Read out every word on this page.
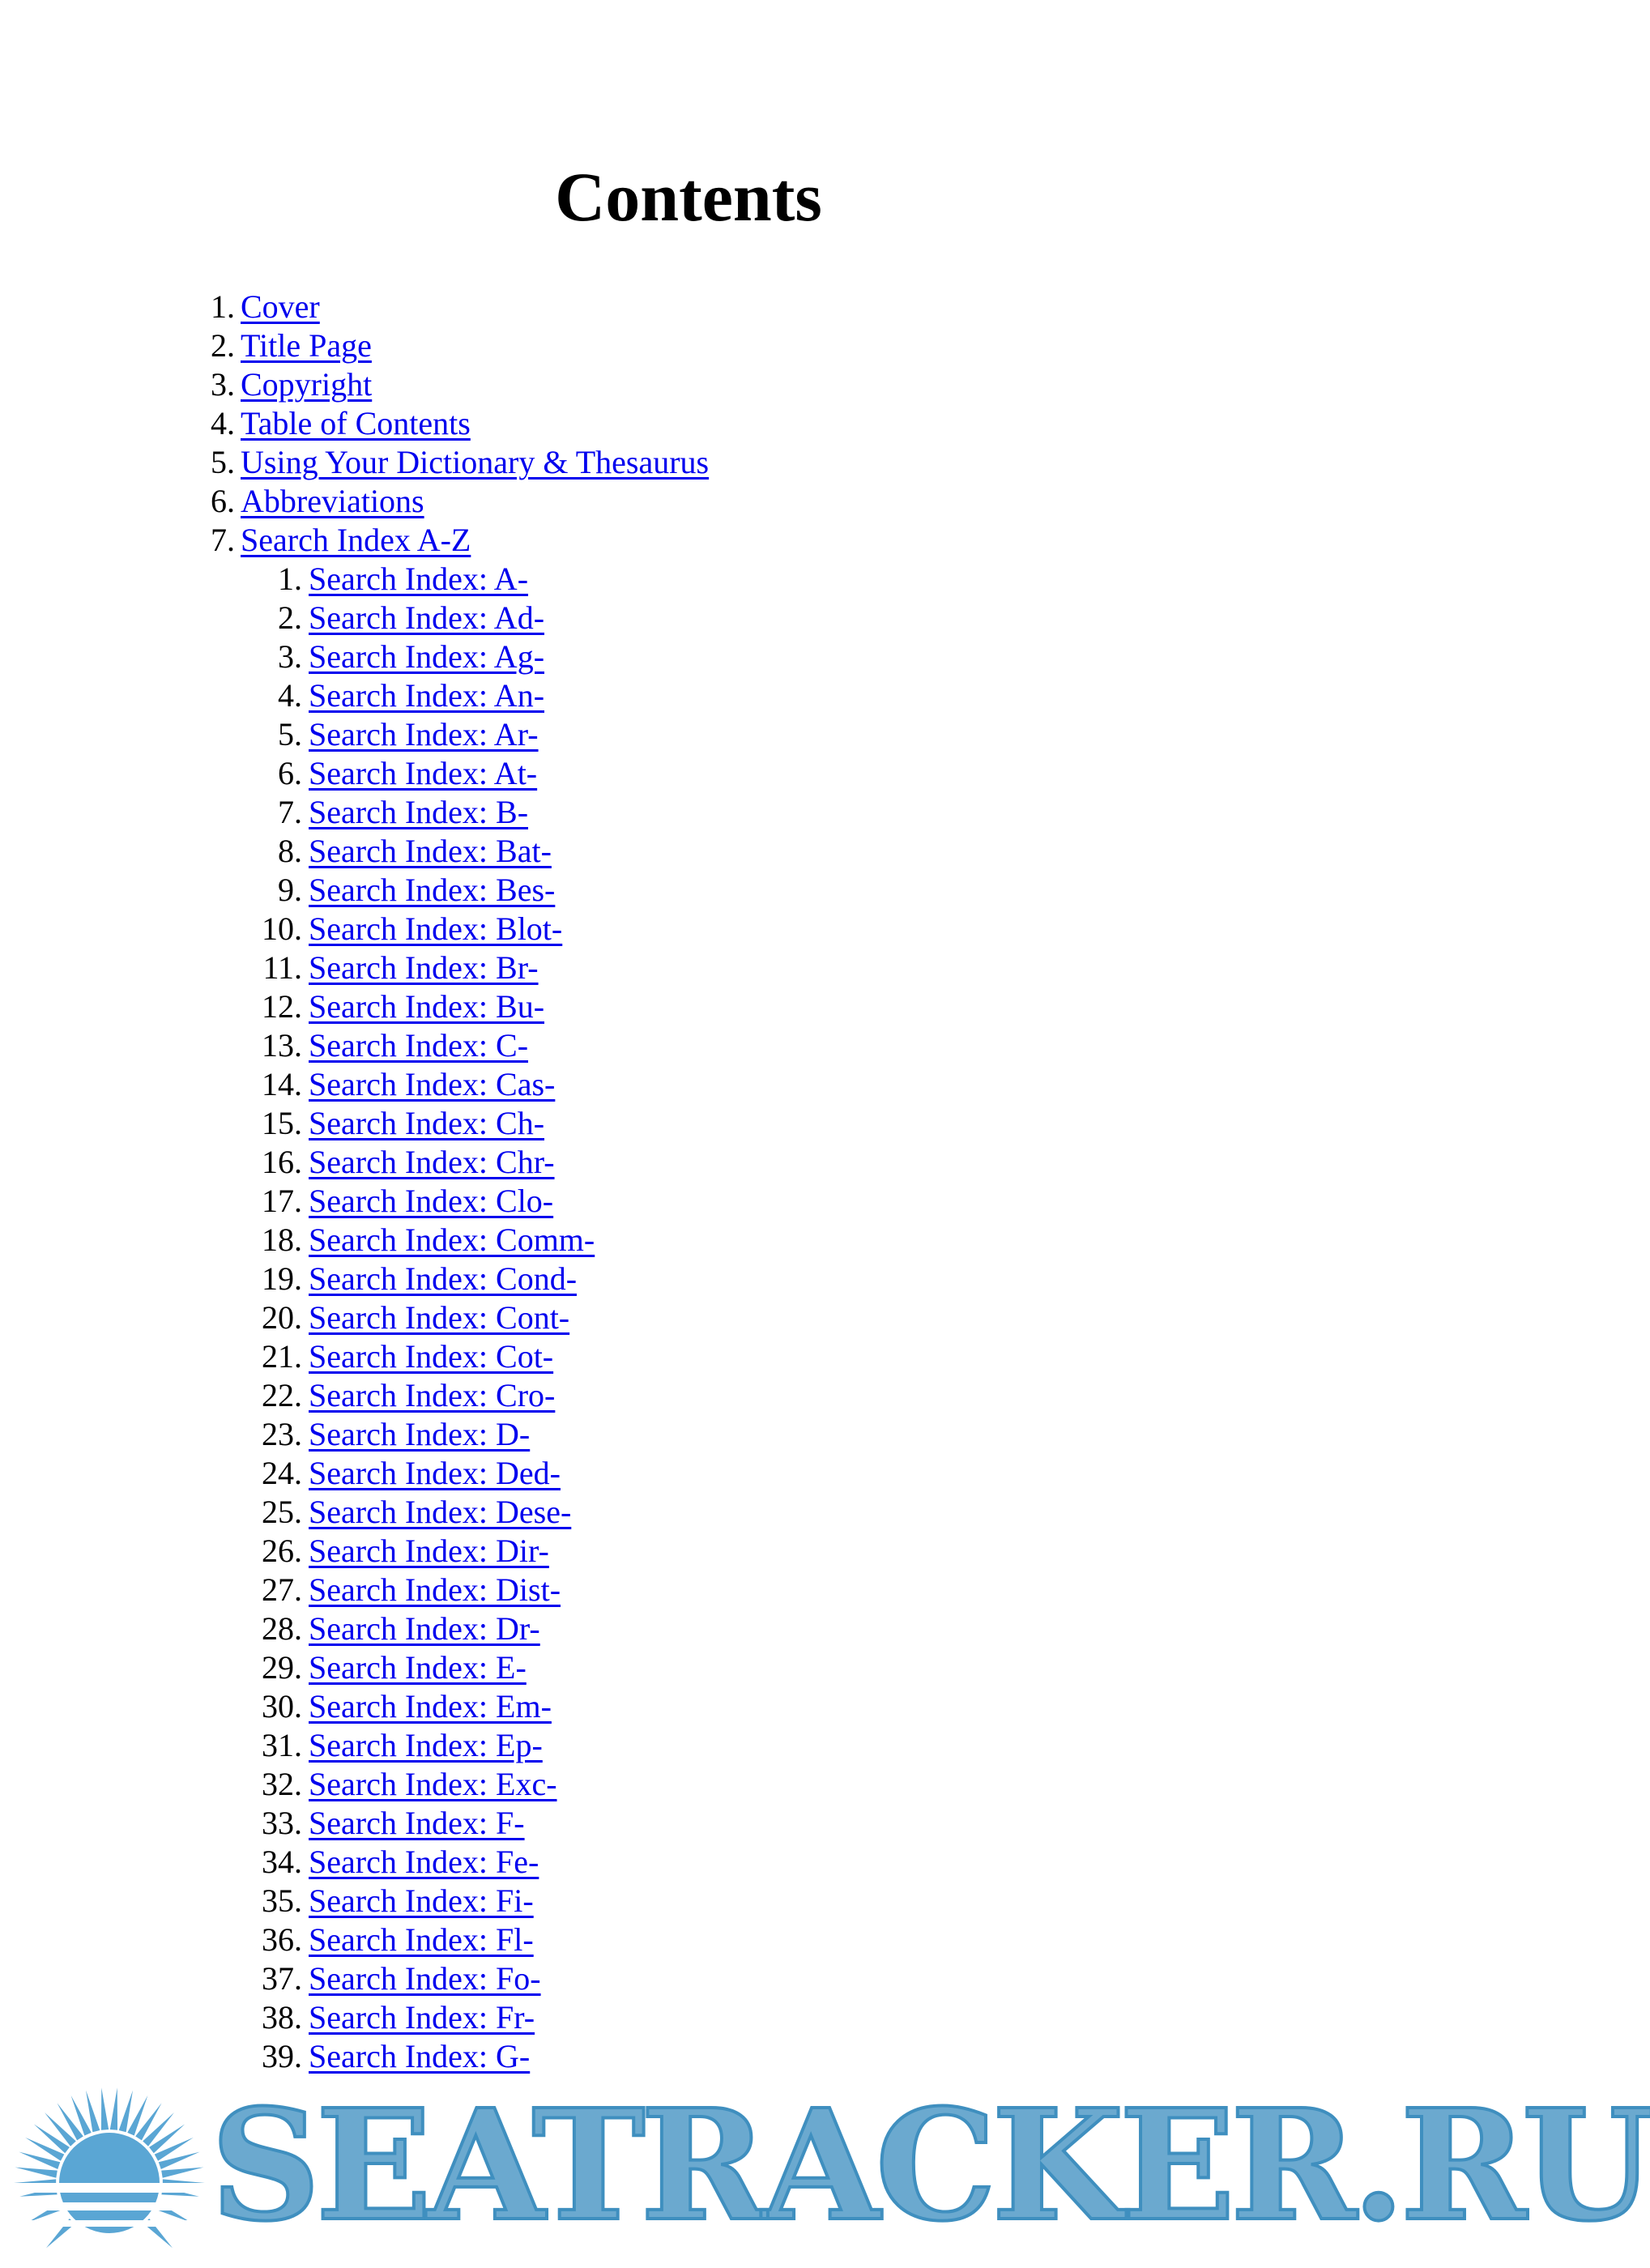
Contents
1. Cover
2. Title Page
3. Copyright
4. Table of Contents
5. Using Your Dictionary & Thesaurus
6. Abbreviations
7. Search Index A-Z
1. Search Index: A-
2. Search Index: Ad-
3. Search Index: Ag-
4. Search Index: An-
5. Search Index: Ar-
6. Search Index: At-
7. Search Index: B-
8. Search Index: Bat-
9. Search Index: Bes-
10. Search Index: Blot-
11. Search Index: Br-
12. Search Index: Bu-
13. Search Index: C-
14. Search Index: Cas-
15. Search Index: Ch-
16. Search Index: Chr-
17. Search Index: Clo-
18. Search Index: Comm-
19. Search Index: Cond-
20. Search Index: Cont-
21. Search Index: Cot-
22. Search Index: Cro-
23. Search Index: D-
24. Search Index: Ded-
25. Search Index: Dese-
26. Search Index: Dir-
27. Search Index: Dist-
28. Search Index: Dr-
29. Search Index: E-
30. Search Index: Em-
31. Search Index: Ep-
32. Search Index: Exc-
33. Search Index: F-
34. Search Index: Fe-
35. Search Index: Fi-
36. Search Index: Fl-
37. Search Index: Fo-
38. Search Index: Fr-
39. Search Index: G-
SEATRACKER.RU
